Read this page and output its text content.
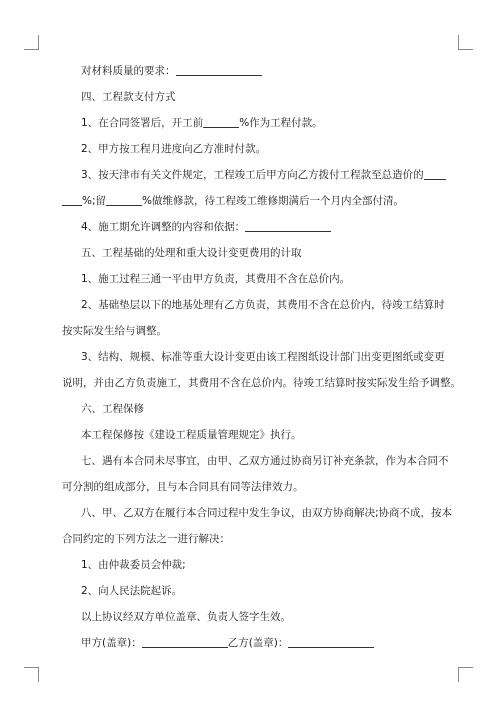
对材料质量的要求：
四、工程款支付方式
1、在合同签署后，开工前	%作为工程付款。
2、甲方按工程月进度向乙方准时付款。
3、按天津市有关文件规定，工程竣工后甲方向乙方拨付工程款至总造价的
%;留	%做维修款，待工程竣工维修期满后一个月内全部付清。
4、施工期允许调整的内容和依据：
五、工程基础的处理和重大设计变更费用的计取
1、施工过程三通一平由甲方负责，其费用不含在总价内。
2、基础垫层以下的地基处理有乙方负责，其费用不含在总价内，待竣工结算时
按实际发生给与调整。
3、结构、规模、标准等重大设计变更由该工程图纸设计部门出变更图纸或变更
说明，并由乙方负责施工，其费用不含在总价内。待竣工结算时按实际发生给予调整。
六、工程保修
本工程保修按《建设工程质量管理规定》执行。
七、遇有本合同未尽事宜，由甲、乙双方通过协商另订补充条款，作为本合同不
可分割的组成部分，且与本合同具有同等法律效力。
八、甲、乙双方在履行本合同过程中发生争议，由双方协商解决;协商不成，按本
合同约定的下列方法之一进行解决：
1、由仲裁委员会仲裁;
2、向人民法院起诉。
以上协议经双方单位盖章、负责人签字生效。
甲方(盖章)：	乙方(盖章)：
